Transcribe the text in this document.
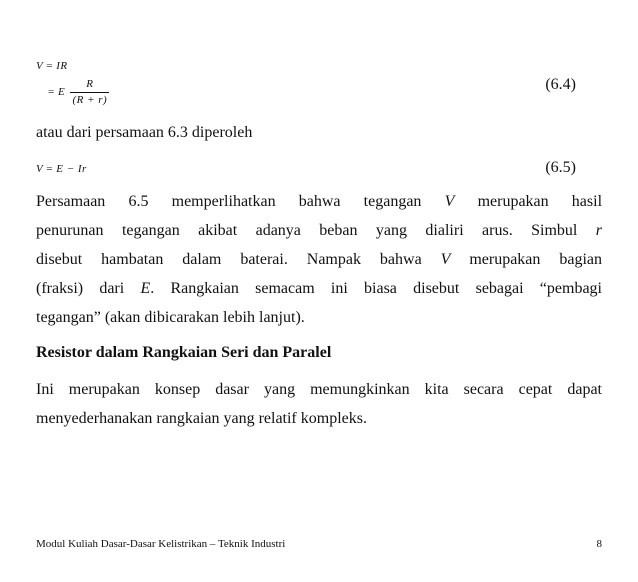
V = IR
= E $\frac{R}{(R + r)}$	(6.4)
atau dari persamaan 6.3 diperoleh
V = E − Ir	(6.5)
Persamaan 6.5 memperlihatkan bahwa tegangan V merupakan hasil
penurunan tegangan akibat adanya beban yang dialiri arus. Simbul r
disebut hambatan dalam baterai. Nampak bahwa V merupakan bagian
(fraksi) dari E. Rangkaian semacam ini biasa disebut sebagai “pembagi
tegangan” (akan dibicarakan lebih lanjut).
Resistor dalam Rangkaian Seri dan Paralel
Ini merupakan konsep dasar yang memungkinkan kita secara cepat dapat
menyederhanakan rangkaian yang relatif kompleks.
Modul Kuliah Dasar-Dasar Kelistrikan – Teknik Industri	8
